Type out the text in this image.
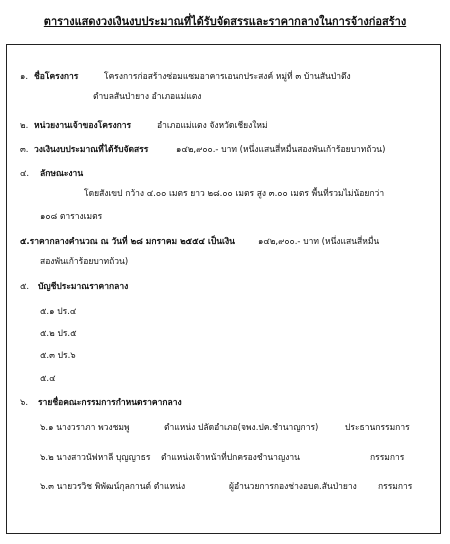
ตารางแสดงวงเงินงบประมาณที่ได้รับจัดสรรและราคากลางในการจ้างก่อสร้าง
๑. ชื่อโครงการ	โครงการก่อสร้างซ่อมแซมอาคารเอนกประสงค์ หมู่ที่ ๓ บ้านสันป่าตึง
ตำบลสันป่ายาง อำเภอแม่แตง
๒. หน่วยงานเจ้าของโครงการ	อำเภอแม่แตง จังหวัดเชียงใหม่
๓. วงเงินงบประมาณที่ได้รับจัดสรร	๑๔๒,๙๐๐.- บาท (หนึ่งแสนสี่หมื่นสองพันเก้าร้อยบาทถ้วน)
๔. ลักษณะงาน
โดยสังเขป กว้าง ๔.๐๐ เมตร ยาว ๒๘.๐๐ เมตร สูง ๓.๐๐ เมตร พื้นที่รวมไม่น้อยกว่า
๑๐๘ ตารางเมตร
๕.ราคากลางคำนวณ ณ วันที่ ๒๘ มกราคม ๒๕๕๔ เป็นเงิน	๑๔๒,๙๐๐.- บาท (หนึ่งแสนสี่หมื่น
สองพันเก้าร้อยบาทถ้วน)
๕. บัญชีประมาณราคากลาง
๕.๑ ปร.๔
๕.๒ ปร.๕
๕.๓ ปร.๖
๕.๔
๖. รายชื่อคณะกรรมการกำหนดราคากลาง
๖.๑ นางวราภา พวงชมพู	ตำแหน่ง ปลัดอำเภอ(จพง.ปค.ชำนาญการ)	ประธานกรรมการ
๖.๒ นางสาวนัฟหาลี บุญญาธร ตำแหน่งเจ้าหน้าที่ปกครองชำนาญงาน	กรรมการ
๖.๓ นายวรวิช พิพัฒน์กุลกานต์ ตำแหน่ง	ผู้อำนวยการกองช่างอบต.สันป่ายาง กรรมการ
